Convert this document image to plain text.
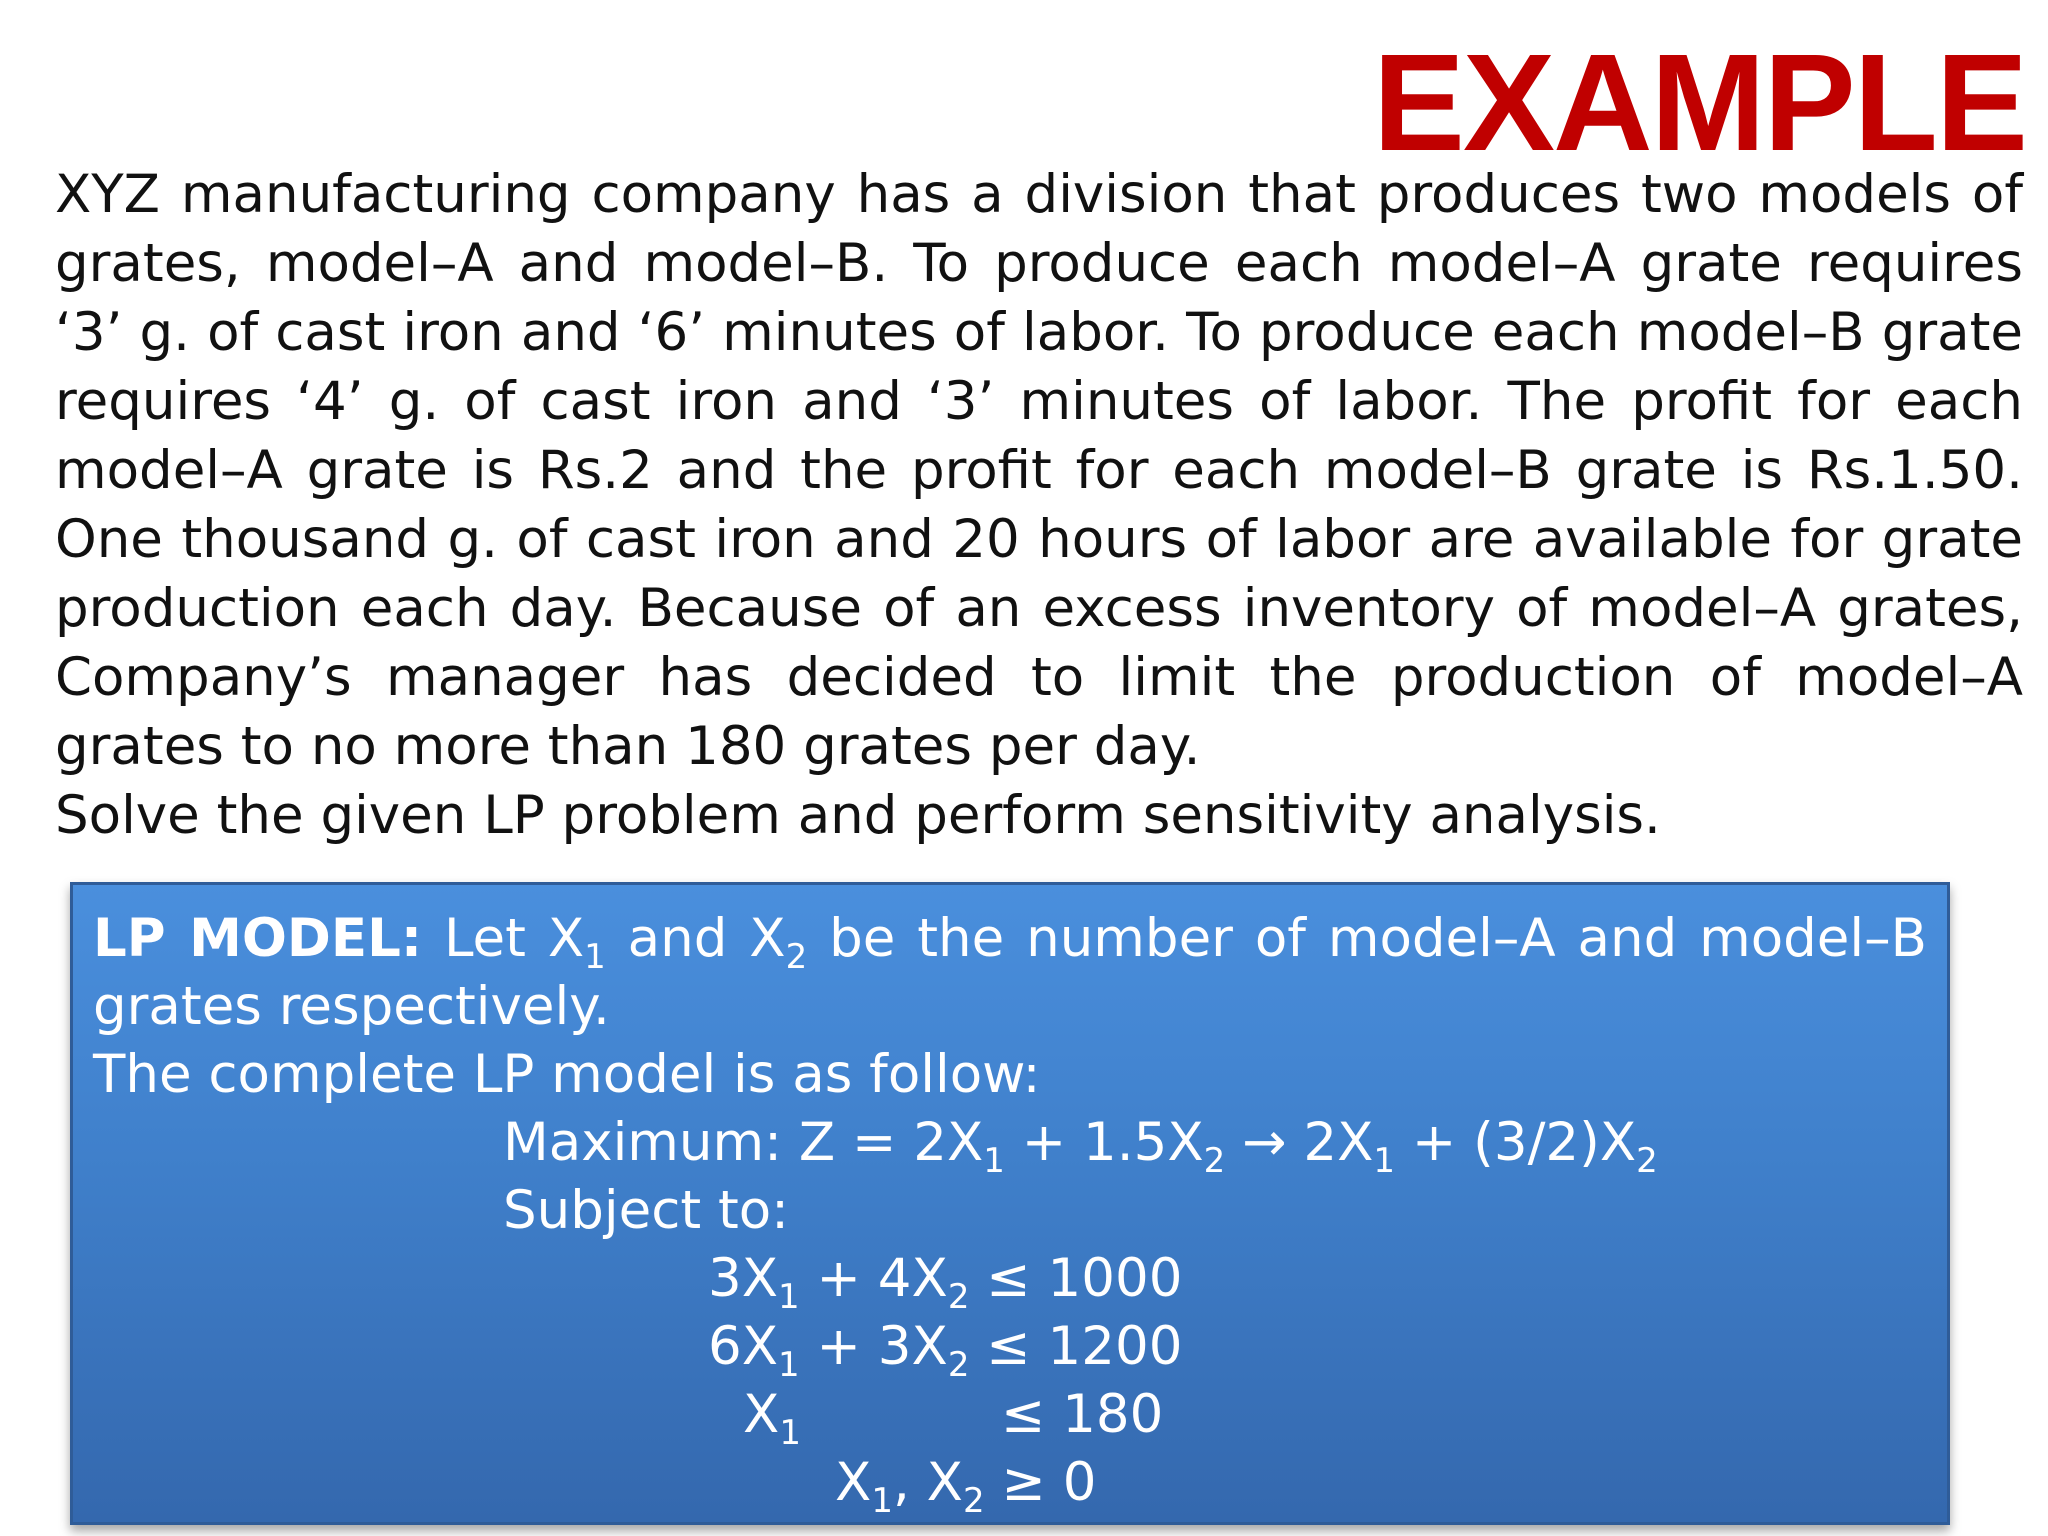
EXAMPLE
XYZ manufacturing company has a division that produces two models of grates, model–A and model–B. To produce each model–A grate requires ‘3’ g. of cast iron and ‘6’ minutes of labor. To produce each model–B grate requires ‘4’ g. of cast iron and ‘3’ minutes of labor. The profit for each model–A grate is Rs.2 and the profit for each model–B grate is Rs.1.50. One thousand g. of cast iron and 20 hours of labor are available for grate production each day. Because of an excess inventory of model–A grates, Company’s manager has decided to limit the production of model–A grates to no more than 180 grates per day.
Solve the given LP problem and perform sensitivity analysis.

LP MODEL: Let $X_1$ and $X_2$ be the number of model–A and model–B grates respectively.

The complete LP model is as follow:
Maximum: $Z = 2X_1 + 1.5X_2 \to 2X_1 + (3/2)X_2$
Subject to:
$3X_1 + 4X_2 \le 1000$
$6X_1 + 3X_2 \le 1200$
$X_1$	≤ 180
$X_1$, $X_2 \ge 0$
